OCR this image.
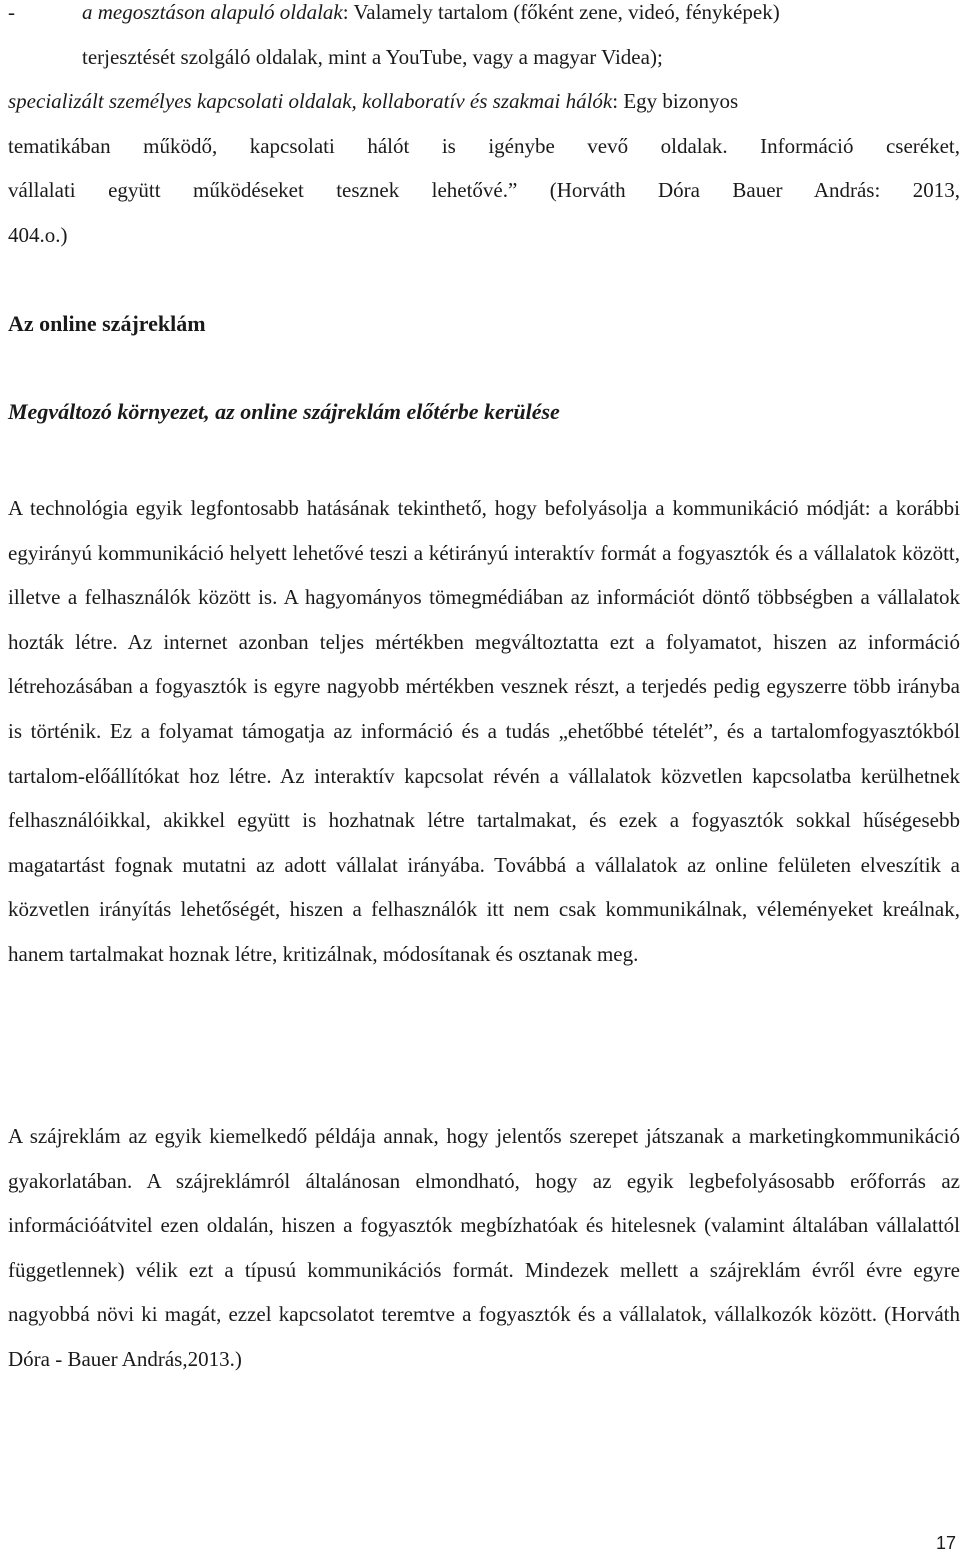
-	a megosztáson alapuló oldalak: Valamely tartalom (főként zene, videó, fényképek)
terjesztését szolgáló oldalak, mint a YouTube, vagy a magyar Videa);
specializált személyes kapcsolati oldalak, kollaboratív és szakmai hálók: Egy bizonyos
tematikában működő, kapcsolati hálót is igénybe vevő oldalak. Információ cseréket,
vállalati együtt működéseket tesznek lehetővé.” (Horváth Dóra Bauer András: 2013,
404.o.)
Az online szájreklám
Megváltozó környezet, az online szájreklám előtérbe kerülése

A technológia egyik legfontosabb hatásának tekinthető, hogy befolyásolja a kommunikáció módját: a korábbi egyirányú kommunikáció helyett lehetővé teszi a kétirányú interaktív formát a fogyasztók és a vállalatok között, illetve a felhasználók között is. A hagyományos tömegmédiában az információt döntő többségben a vállalatok hozták létre. Az internet azonban teljes mértékben megváltoztatta ezt a folyamatot, hiszen az információ létrehozásában a fogyasztók is egyre nagyobb mértékben vesznek részt, a terjedés pedig egyszerre több irányba is történik. Ez a folyamat támogatja az információ és a tudás „ehetőbbé tételét”, és a tartalomfogyasztókból tartalom-előállítókat hoz létre. Az interaktív kapcsolat révén a vállalatok közvetlen kapcsolatba kerülhetnek felhasználóikkal, akikkel együtt is hozhatnak létre tartalmakat, és ezek a fogyasztók sokkal hűségesebb magatartást fognak mutatni az adott vállalat irányába. Továbbá a vállalatok az online felületen elveszítik a közvetlen irányítás lehetőségét, hiszen a felhasználók itt nem csak kommunikálnak, véleményeket kreálnak, hanem tartalmakat hoznak létre, kritizálnak, módosítanak és osztanak meg.

A szájreklám az egyik kiemelkedő példája annak, hogy jelentős szerepet játszanak a marketingkommunikáció gyakorlatában. A szájreklámról általánosan elmondható, hogy az egyik legbefolyásosabb erőforrás az információátvitel ezen oldalán, hiszen a fogyasztók megbízhatóak és hitelesnek (valamint általában vállalattól függetlennek) vélik ezt a típusú kommunikációs formát. Mindezek mellett a szájreklám évről évre egyre nagyobbá növi ki magát, ezzel kapcsolatot teremtve a fogyasztók és a vállalatok, vállalkozók között. (Horváth Dóra - Bauer András,2013.)

17
